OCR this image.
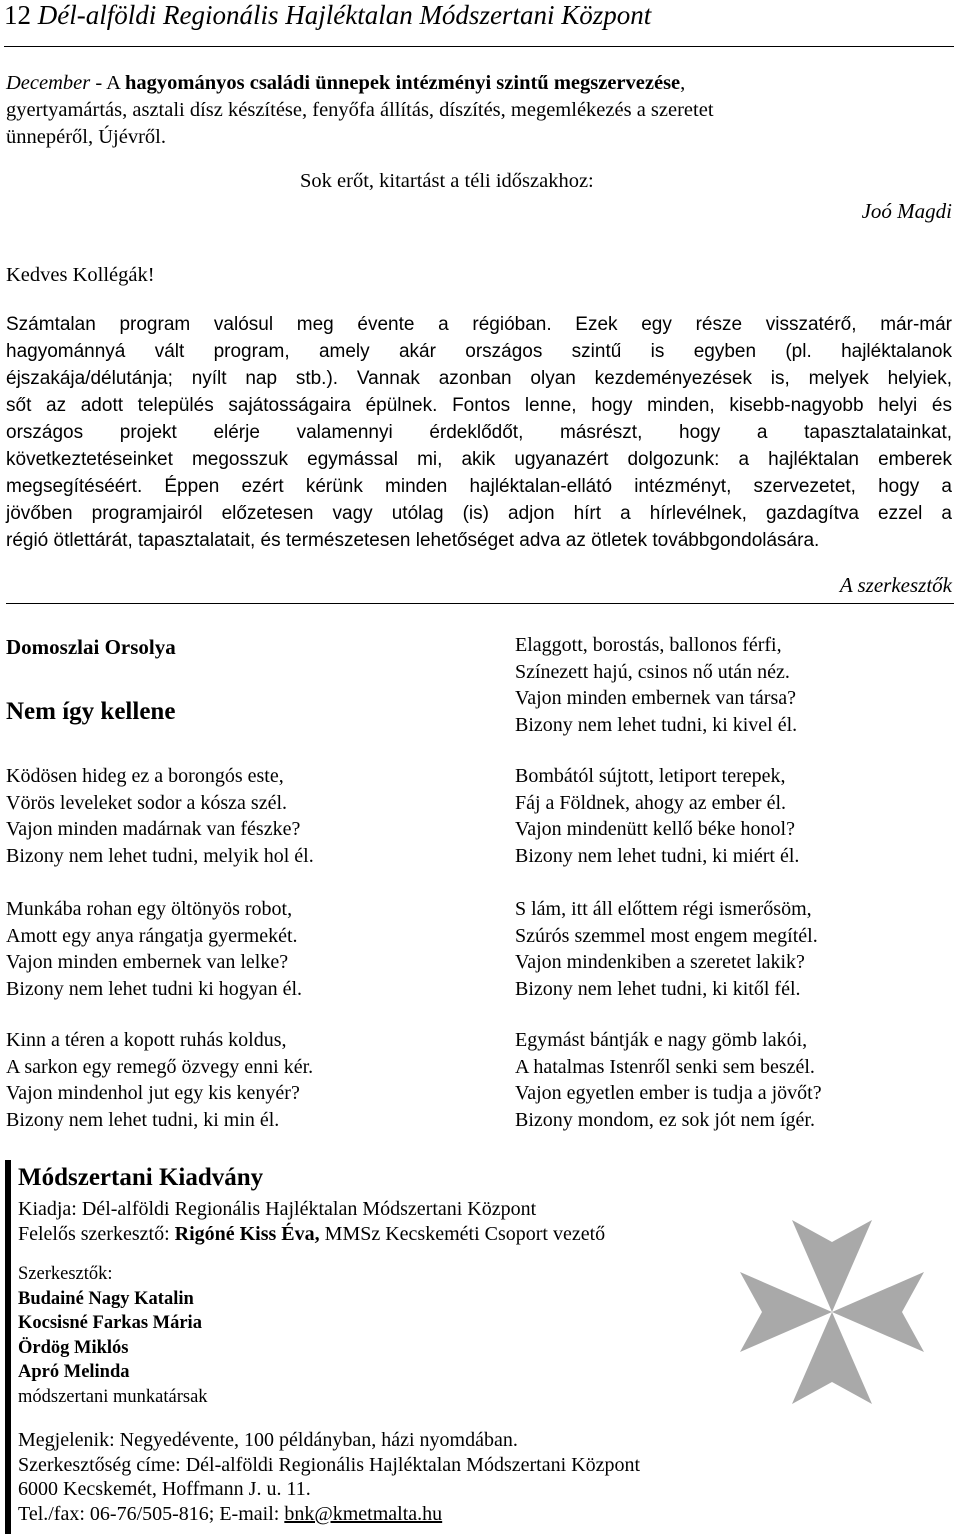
12 Dél-alföldi Regionális Hajléktalan Módszertani Központ
December - A hagyományos családi ünnepek intézményi szintű megszervezése,
gyertyamártás, asztali dísz készítése, fenyőfa állítás, díszítés, megemlékezés a szeretet
ünnepéről, Újévről.
Sok erőt, kitartást a téli időszakhoz:
Joó Magdi
Kedves Kollégák!
Számtalan program valósul meg évente a régióban. Ezek egy része visszatérő, már-már
hagyománnyá vált program, amely akár országos szintű is egyben (pl. hajléktalanok
éjszakája/délutánja; nyílt nap stb.). Vannak azonban olyan kezdeményezések is, melyek helyiek,
sőt az adott település sajátosságaira épülnek. Fontos lenne, hogy minden, kisebb-nagyobb helyi és
országos projekt elérje valamennyi érdeklődőt, másrészt, hogy a tapasztalatainkat,
következtetéseinket megosszuk egymással mi, akik ugyanazért dolgozunk: a hajléktalan emberek
megsegítéséért. Éppen ezért kérünk minden hajléktalan-ellátó intézményt, szervezetet, hogy a
jövőben programjairól előzetesen vagy utólag (is) adjon hírt a hírlevélnek, gazdagítva ezzel a
régió ötlettárát, tapasztalatait, és természetesen lehetőséget adva az ötletek továbbgondolására.
A szerkesztők
Domoszlai Orsolya
Nem így kellene
Ködösen hideg ez a borongós este,
Vörös leveleket sodor a kósza szél.
Vajon minden madárnak van fészke?
Bizony nem lehet tudni, melyik hol él.
Munkába rohan egy öltönyös robot,
Amott egy anya rángatja gyermekét.
Vajon minden embernek van lelke?
Bizony nem lehet tudni ki hogyan él.
Kinn a téren a kopott ruhás koldus,
A sarkon egy remegő özvegy enni kér.
Vajon mindenhol jut egy kis kenyér?
Bizony nem lehet tudni, ki min él.
Elaggott, borostás, ballonos férfi,
Színezett hajú, csinos nő után néz.
Vajon minden embernek van társa?
Bizony nem lehet tudni, ki kivel él.
Bombától sújtott, letiport terepek,
Fáj a Földnek, ahogy az ember él.
Vajon mindenütt kellő béke honol?
Bizony nem lehet tudni, ki miért él.
S lám, itt áll előttem régi ismerősöm,
Szúrós szemmel most engem megítél.
Vajon mindenkiben a szeretet lakik?
Bizony nem lehet tudni, ki kitől fél.
Egymást bántják e nagy gömb lakói,
A hatalmas Istenről senki sem beszél.
Vajon egyetlen ember is tudja a jövőt?
Bizony mondom, ez sok jót nem ígér.
Módszertani Kiadvány
Kiadja: Dél-alföldi Regionális Hajléktalan Módszertani Központ
Felelős szerkesztő: Rigóné Kiss Éva, MMSz Kecskeméti Csoport vezető
Szerkesztők:
Budainé Nagy Katalin
Kocsisné Farkas Mária
Ördög Miklós
Apró Melinda
módszertani munkatársak
Megjelenik: Negyedévente, 100 példányban, házi nyomdában.
Szerkesztőség címe: Dél-alföldi Regionális Hajléktalan Módszertani Központ
6000 Kecskemét, Hoffmann J. u. 11.
Tel./fax: 06-76/505-816; E-mail: bnk@kmetmalta.hu
